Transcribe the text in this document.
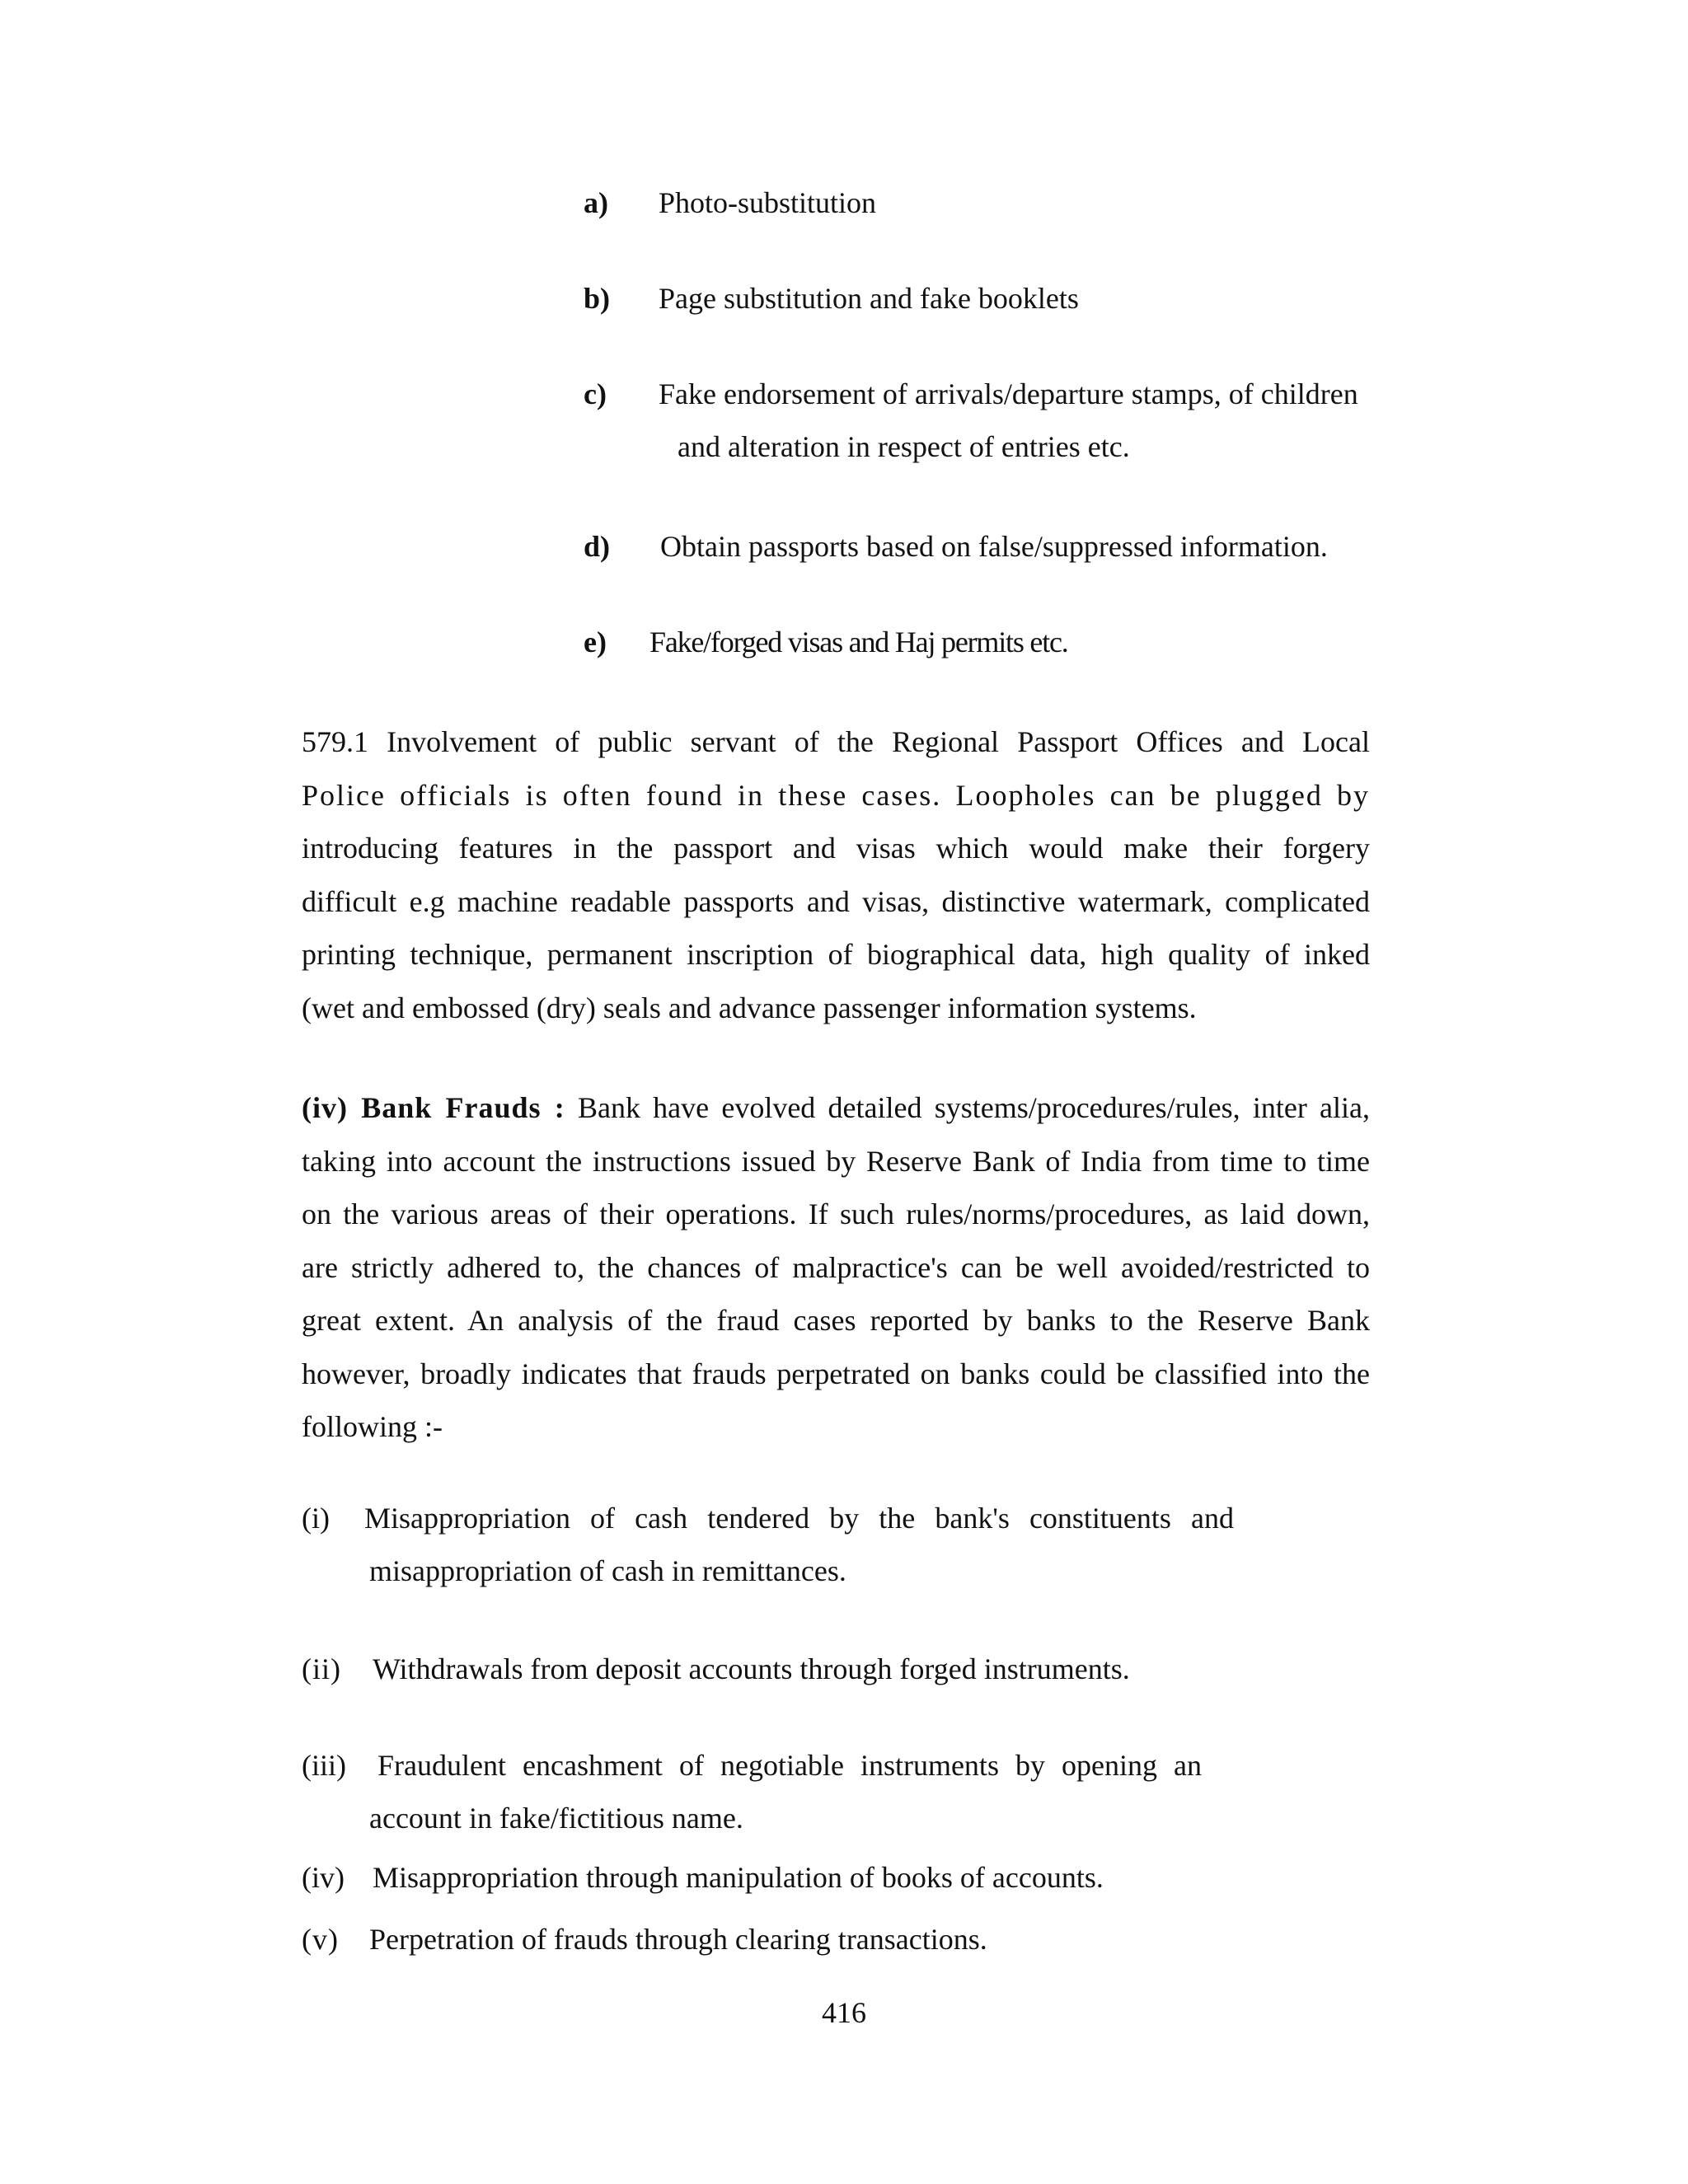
a) Photo-substitution
b) Page substitution and fake booklets
c) Fake endorsement of arrivals/departure stamps, of children
and alteration in respect of entries etc.
d) Obtain passports based on false/suppressed information.
e) Fake/forged visas and Haj permits etc.
579.1 Involvement of public servant of the Regional Passport Offices and Local
Police officials is often found in these cases. Loopholes can be plugged by
introducing features in the passport and visas which would make their forgery
difficult e.g machine readable passports and visas, distinctive watermark, complicated
printing technique, permanent inscription of biographical data, high quality of inked
(wet and embossed (dry) seals and advance passenger information systems.
(iv) Bank Frauds : Bank have evolved detailed systems/procedures/rules, inter alia,
taking into account the instructions issued by Reserve Bank of India from time to time
on the various areas of their operations. If such rules/norms/procedures, as laid down,
are strictly adhered to, the chances of malpractice's can be well avoided/restricted to
great extent. An analysis of the fraud cases reported by banks to the Reserve Bank
however, broadly indicates that frauds perpetrated on banks could be classified into the
following :-
(i) Misappropriation of cash tendered by the bank's constituents and
misappropriation of cash in remittances.
(ii) Withdrawals from deposit accounts through forged instruments.
(iii) Fraudulent encashment of negotiable instruments by opening an
account in fake/fictitious name.
(iv) Misappropriation through manipulation of books of accounts.
(v) Perpetration of frauds through clearing transactions.
416
